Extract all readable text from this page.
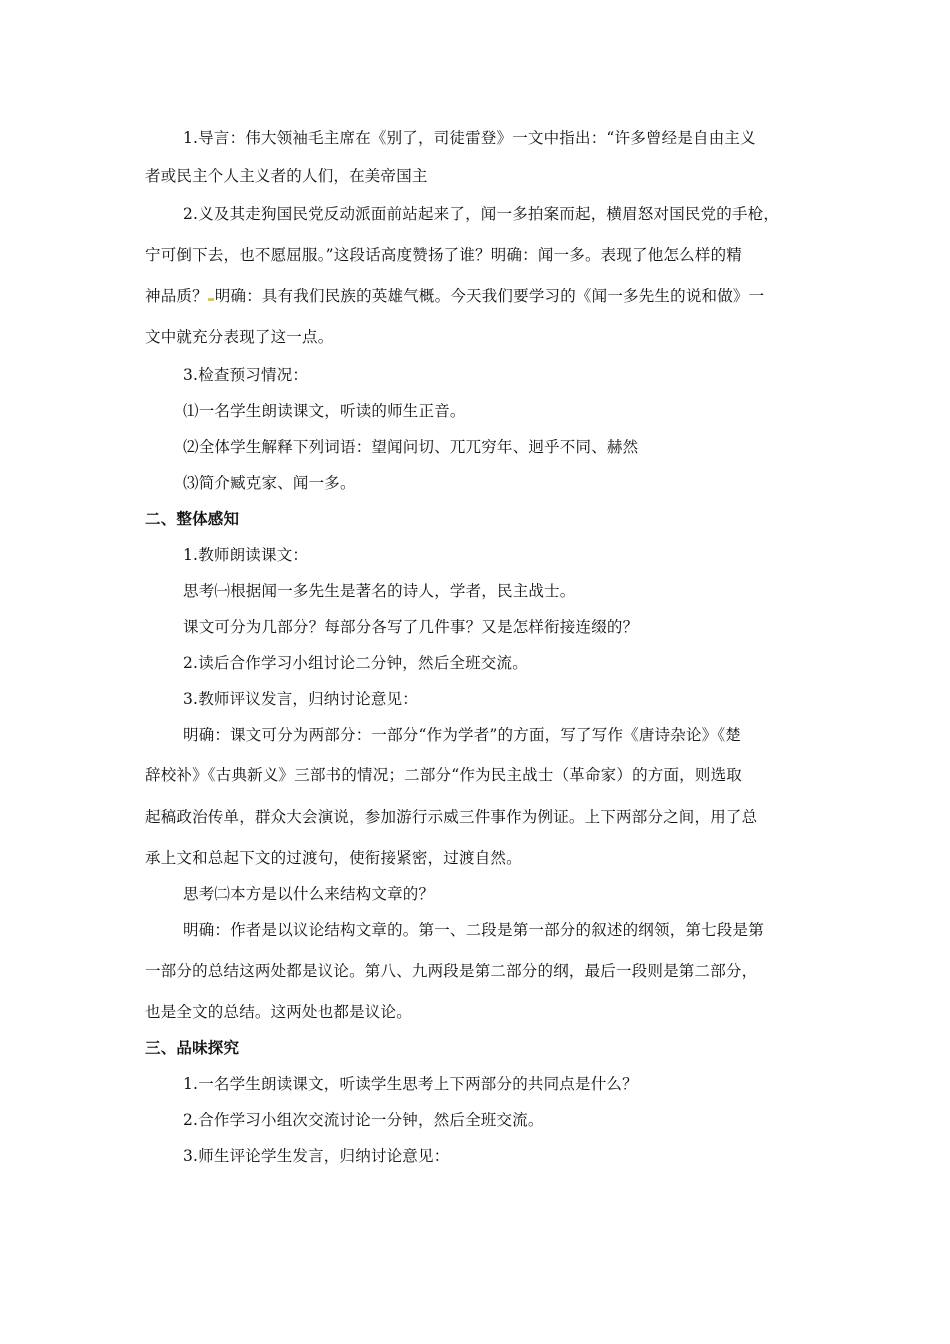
1.导言：伟大领袖毛主席在《别了，司徒雷登》一文中指出：“许多曾经是自由主义
者或民主个人主义者的人们，在美帝国主
2.义及其走狗国民党反动派面前站起来了，闻一多拍案而起，横眉怒对国民党的手枪，
宁可倒下去，也不愿屈服。”这段话高度赞扬了谁？明确：闻一多。表现了他怎么样的精
神品质？ 明确：具有我们民族的英雄气概。今天我们要学习的《闻一多先生的说和做》一
文中就充分表现了这一点。
3.检查预习情况：
⑴一名学生朗读课文，听读的师生正音。
⑵全体学生解释下列词语：望闻问切、兀兀穷年、迥乎不同、赫然
⑶简介臧克家、闻一多。
二、整体感知
1.教师朗读课文：
思考㈠根据闻一多先生是著名的诗人，学者，民主战士。
课文可分为几部分？每部分各写了几件事？又是怎样衔接连缀的？
2.读后合作学习小组讨论二分钟，然后全班交流。
3.教师评议发言，归纳讨论意见：
明确：课文可分为两部分：一部分“作为学者”的方面，写了写作《唐诗杂论》《楚
辞校补》《古典新义》三部书的情况；二部分“作为民主战士（革命家）的方面，则选取
起稿政治传单，群众大会演说，参加游行示威三件事作为例证。上下两部分之间，用了总
承上文和总起下文的过渡句，使衔接紧密，过渡自然。
思考㈡本方是以什么来结构文章的？
明确：作者是以议论结构文章的。第一、二段是第一部分的叙述的纲领，第七段是第
一部分的总结这两处都是议论。第八、九两段是第二部分的纲，最后一段则是第二部分，
也是全文的总结。这两处也都是议论。
三、品味探究
1.一名学生朗读课文，听读学生思考上下两部分的共同点是什么？
2.合作学习小组次交流讨论一分钟，然后全班交流。
3.师生评论学生发言，归纳讨论意见：
